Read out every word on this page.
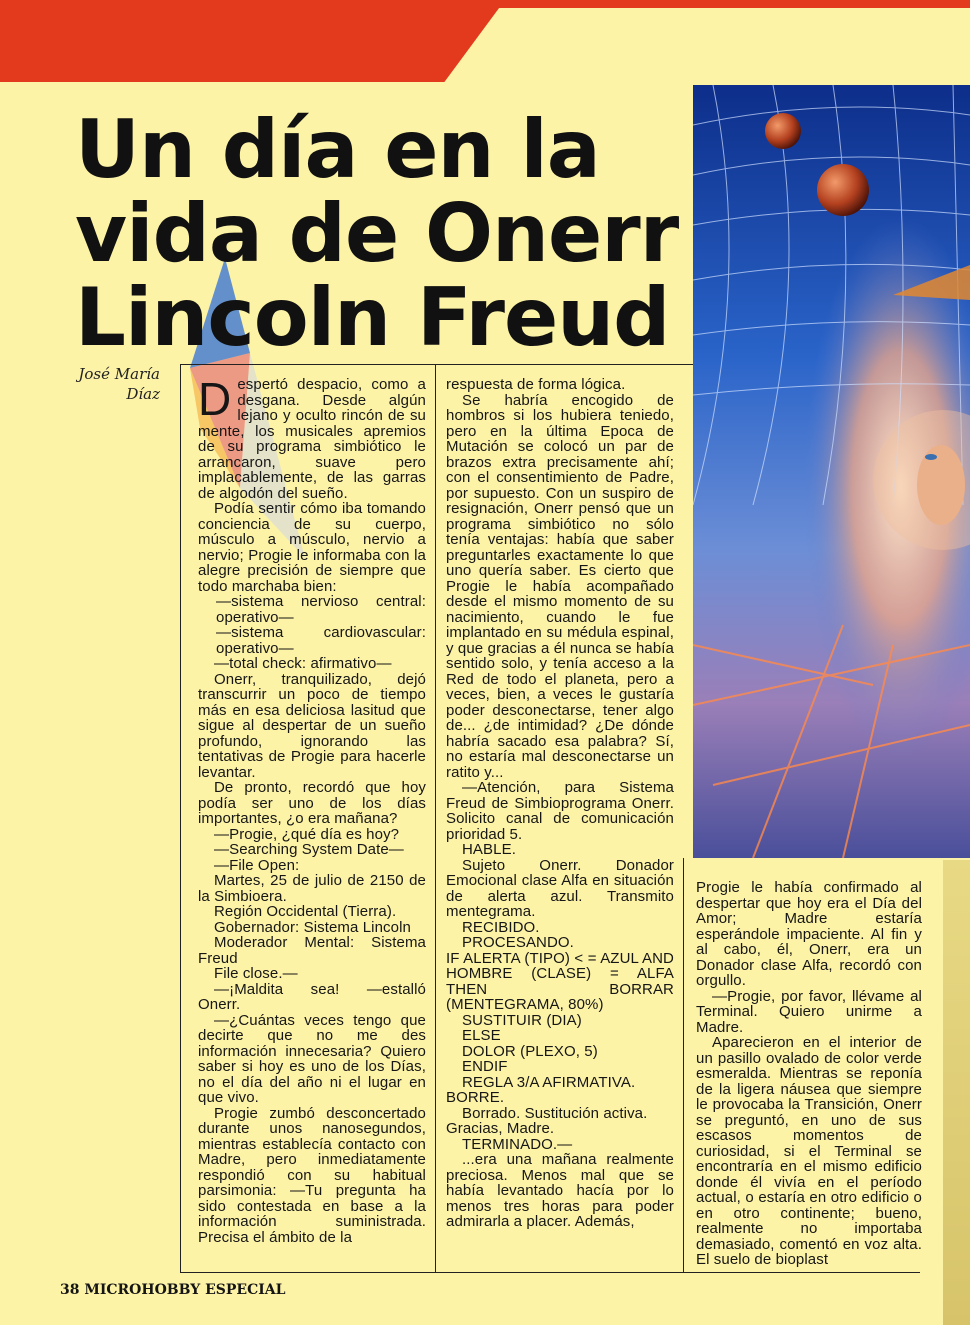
Un día en la
vida de Onerr
Lincoln Freud
José María
Díaz Despertó despacio, como a desgana. Desde algún lejano y oculto rincón de su mente, los musicales apremios de su programa simbiótico le arrancaron, suave pero implacablemente, de las garras de algodón del sueño.

Podía sentir cómo iba tomando conciencia de su cuerpo, músculo a músculo, nervio a nervio; Progie le informaba con la alegre precisión de siempre que todo marchaba bien:

—sistema nervioso central: operativo—

—sistema cardiovascular: operativo—

—total check: afirmativo—

Onerr, tranquilizado, dejó transcurrir un poco de tiempo más en esa deliciosa lasitud que sigue al despertar de un sueño profundo, ignorando las tentativas de Progie para hacerle levantar.

De pronto, recordó que hoy podía ser uno de los días importantes, ¿o era mañana?

—Progie, ¿qué día es hoy?

—Searching System Date—

—File Open:

Martes, 25 de julio de 2150 de la Simbioera.

Región Occidental (Tierra).

Gobernador: Sistema Lincoln

Moderador Mental: Sistema Freud

File close.—

—¡Maldita sea! —estalló Onerr.

—¿Cuántas veces tengo que decirte que no me des información innecesaria? Quiero saber si hoy es uno de los Días, no el día del año ni el lugar en que vivo.

Progie zumbó desconcertado durante unos nanosegundos, mientras establecía contacto con Madre, pero inmediatamente respondió con su habitual parsimonia: —Tu pregunta ha sido contestada en base a la información suministrada. Precisa el ámbito de la

respuesta de forma lógica.

Se habría encogido de hombros si los hubiera teniedo, pero en la última Epoca de Mutación se colocó un par de brazos extra precisamente ahí; con el consentimiento de Padre, por supuesto. Con un suspiro de resignación, Onerr pensó que un programa simbiótico no sólo tenía ventajas: había que saber preguntarles exactamente lo que uno quería saber. Es cierto que Progie le había acompañado desde el mismo momento de su nacimiento, cuando le fue implantado en su médula espinal, y que gracias a él nunca se había sentido solo, y tenía acceso a la Red de todo el planeta, pero a veces, bien, a veces le gustaría poder desconectarse, tener algo de... ¿de intimidad? ¿De dónde habría sacado esa palabra? Sí, no estaría mal desconectarse un ratito y...

—Atención, para Sistema Freud de Simbioprograma Onerr. Solicito canal de comunicación prioridad 5.

HABLE.

Sujeto Onerr. Donador Emocional clase Alfa en situación de alerta azul. Transmito mentegrama.

RECIBIDO.

PROCESANDO.

IF ALERTA (TIPO) < = AZUL AND HOMBRE (CLASE) = ALFA THEN BORRAR (MENTEGRAMA, 80%)

SUSTITUIR (DIA)

ELSE

DOLOR (PLEXO, 5)

ENDIF

REGLA 3/A AFIRMATIVA.

BORRE.

Borrado. Sustitución activa.

Gracias, Madre.

TERMINADO.—

...era una mañana realmente preciosa. Menos mal que se había levantado hacía por lo menos tres horas para poder admirarla a placer. Además,

Progie le había confirmado al despertar que hoy era el Día del Amor; Madre estaría esperándole impaciente. Al fin y al cabo, él, Onerr, era un Donador clase Alfa, recordó con orgullo.

—Progie, por favor, llévame al Terminal. Quiero unirme a Madre.

Aparecieron en el interior de un pasillo ovalado de color verde esmeralda. Mientras se reponía de la ligera náusea que siempre le provocaba la Transición, Onerr se preguntó, en uno de sus escasos momentos de curiosidad, si el Terminal se encontraría en el mismo edificio donde él vivía en el período actual, o estaría en otro edificio o en otro continente; bueno, realmente no importaba demasiado, comentó en voz alta. El suelo de bioplast

38 MICROHOBBY ESPECIAL
